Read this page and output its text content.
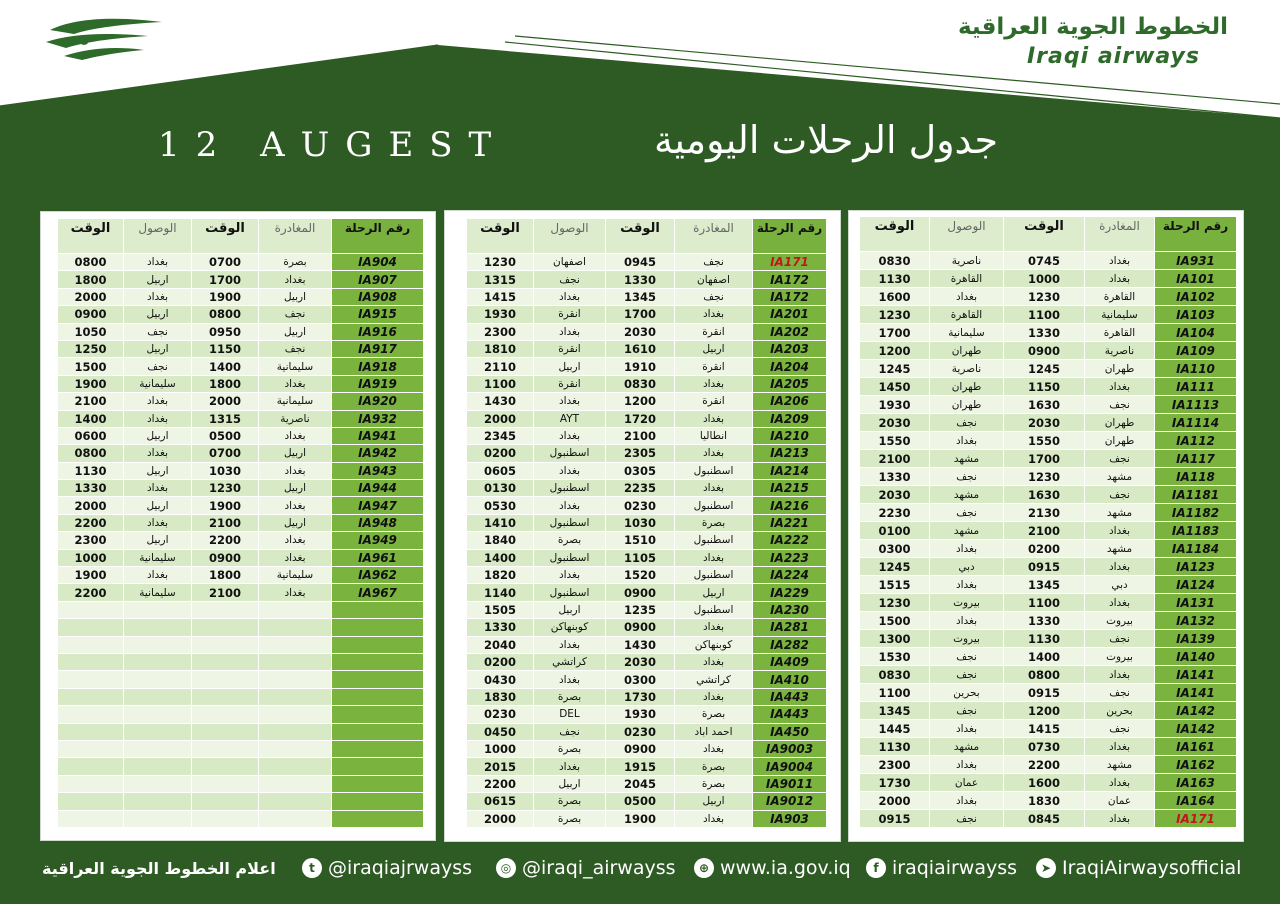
الخطوط الجوية العراقية
Iraqi airways
12 AUGEST	جدول الرحلات اليومية
الوقت	الوصول	الوقت	المغادرة	رقم الرحلة
0800	بغداد	0700	بصرة	IA904
1800	اربيل	1700	بغداد	IA907
2000	بغداد	1900	اربيل	IA908
0900	اربيل	0800	نجف	IA915
1050	نجف	0950	اربيل	IA916
1250	اربيل	1150	نجف	IA917
1500	نجف	1400	سليمانية	IA918
1900	سليمانية	1800	بغداد	IA919
2100	بغداد	2000	سليمانية	IA920
1400	بغداد	1315	ناصرية	IA932
0600	اربيل	0500	بغداد	IA941
0800	بغداد	0700	اربيل	IA942
1130	اربيل	1030	بغداد	IA943
1330	بغداد	1230	اربيل	IA944
2000	اربيل	1900	بغداد	IA947
2200	بغداد	2100	اربيل	IA948
2300	اربيل	2200	بغداد	IA949
1000	سليمانية	0900	بغداد	IA961
1900	بغداد	1800	سليمانية	IA962
2200	سليمانية	2100	بغداد	IA967

الوقت	الوصول	الوقت	المغادرة	رقم الرحلة
1230	اصفهان	0945	نجف	IA171
1315	نجف	1330	اصفهان	IA172
1415	بغداد	1345	نجف	IA172
1930	انقرة	1700	بغداد	IA201
2300	بغداد	2030	انقرة	IA202
1810	انقرة	1610	اربيل	IA203
2110	اربيل	1910	انقرة	IA204
1100	انقرة	0830	بغداد	IA205
1430	بغداد	1200	انقرة	IA206
2000	AYT	1720	بغداد	IA209
2345	بغداد	2100	انطاليا	IA210
0200	اسطنبول	2305	بغداد	IA213
0605	بغداد	0305	اسطنبول	IA214
0130	اسطنبول	2235	بغداد	IA215
0530	بغداد	0230	اسطنبول	IA216
1410	اسطنبول	1030	بصرة	IA221
1840	بصرة	1510	اسطنبول	IA222
1400	اسطنبول	1105	بغداد	IA223
1820	بغداد	1520	اسطنبول	IA224
1140	اسطنبول	0900	اربيل	IA229
1505	اربيل	1235	اسطنبول	IA230
1330	كوبنهاكن	0900	بغداد	IA281
2040	بغداد	1430	كوبنهاكن	IA282
0200	كراتشي	2030	بغداد	IA409
0430	بغداد	0300	كراتشي	IA410
1830	بصرة	1730	بغداد	IA443
0230	DEL	1930	بصرة	IA443
0450	نجف	0230	احمد اباد	IA450
1000	بصرة	0900	بغداد	IA9003
2015	بغداد	1915	بصرة	IA9004
2200	اربيل	2045	بصرة	IA9011
0615	بصرة	0500	اربيل	IA9012
2000	بصرة	1900	بغداد	IA903
الوقت	الوصول	الوقت	المغادرة	رقم الرحلة
0830	ناصرية	0745	بغداد	IA931
1130	القاهرة	1000	بغداد	IA101
1600	بغداد	1230	القاهرة	IA102
1230	القاهرة	1100	سليمانية	IA103
1700	سليمانية	1330	القاهرة	IA104
1200	طهران	0900	ناصرية	IA109
1245	ناصرية	1245	طهران	IA110
1450	طهران	1150	بغداد	IA111
1930	طهران	1630	نجف	IA1113
2030	نجف	2030	طهران	IA1114
1550	بغداد	1550	طهران	IA112
2100	مشهد	1700	نجف	IA117
1330	نجف	1230	مشهد	IA118
2030	مشهد	1630	نجف	IA1181
2230	نجف	2130	مشهد	IA1182
0100	مشهد	2100	بغداد	IA1183
0300	بغداد	0200	مشهد	IA1184
1245	دبي	0915	بغداد	IA123
1515	بغداد	1345	دبي	IA124
1230	بيروت	1100	بغداد	IA131
1500	بغداد	1330	بيروت	IA132
1300	بيروت	1130	نجف	IA139
1530	نجف	1400	بيروت	IA140
0830	نجف	0800	بغداد	IA141
1100	بحرين	0915	نجف	IA141
1345	نجف	1200	بحرين	IA142
1445	بغداد	1415	نجف	IA142
1130	مشهد	0730	بغداد	IA161
2300	بغداد	2200	مشهد	IA162
1730	عمان	1600	بغداد	IA163
2000	بغداد	1830	عمان	IA164
0915	نجف	0845	بغداد	IA171
اعلام الخطوط الجوية العراقية	t @iraqiajrwayss	◎ @iraqi_airwayss	⊕ www.ia.gov.iq	f iraqiairwayss	➤ IraqiAirwaysofficial
